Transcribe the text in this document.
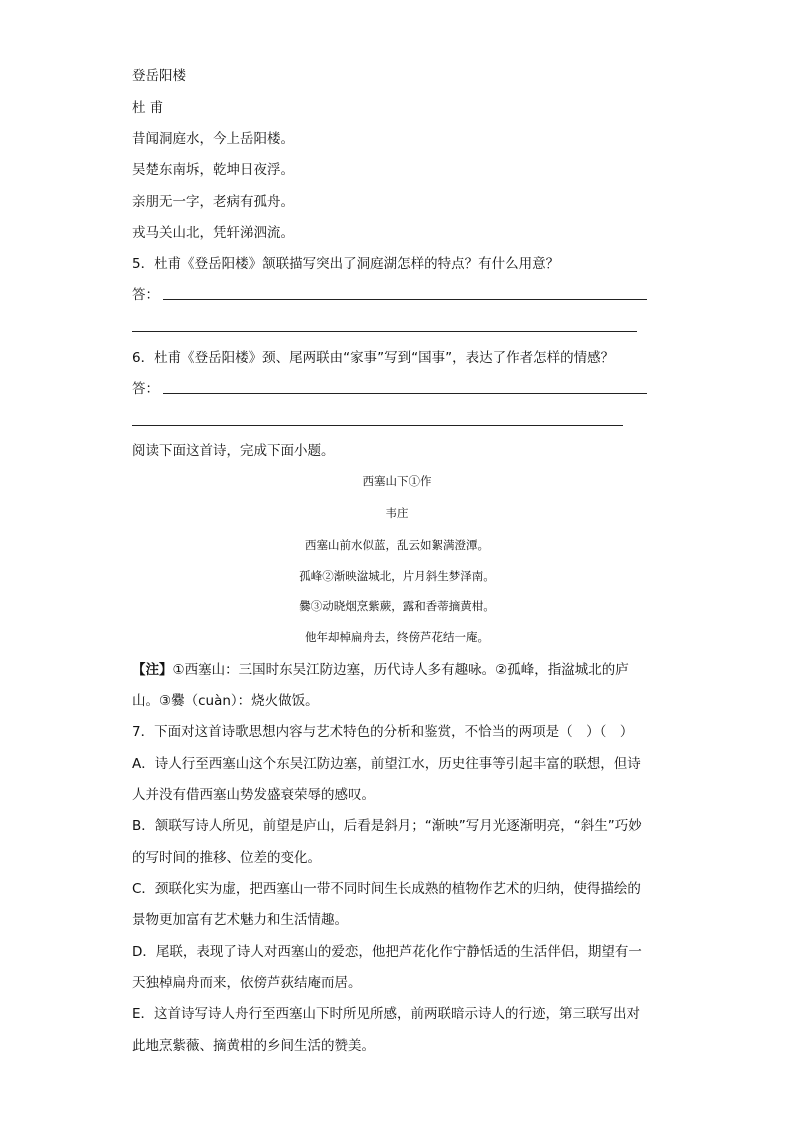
登岳阳楼
杜 甫
昔闻洞庭水，今上岳阳楼。
吴楚东南坼，乾坤日夜浮。
亲朋无一字，老病有孤舟。
戎马关山北，凭轩涕泗流。
5．杜甫《登岳阳楼》颔联描写突出了洞庭湖怎样的特点？有什么用意？
答：
6．杜甫《登岳阳楼》颈、尾两联由“家事”写到“国事”，表达了作者怎样的情感？
答：
阅读下面这首诗，完成下面小题。
西塞山下①作
韦庄
西塞山前水似蓝，乱云如絮满澄潭。
孤峰②渐映湓城北，片月斜生梦泽南。
爨③动晓烟烹紫蕨，露和香蒂摘黄柑。
他年却棹扁舟去，终傍芦花结一庵。
【注】①西塞山：三国时东吴江防边塞，历代诗人多有趣咏。②孤峰，指湓城北的庐
山。③爨（cuàn）：烧火做饭。
7．下面对这首诗歌思想内容与艺术特色的分析和鉴赏，不恰当的两项是（　）（　）
A．诗人行至西塞山这个东吴江防边塞，前望江水，历史往事等引起丰富的联想，但诗
人并没有借西塞山势发盛衰荣辱的感叹。
B．颔联写诗人所见，前望是庐山，后看是斜月；“渐映”写月光逐渐明亮，“斜生”巧妙
的写时间的推移、位差的变化。
C．颈联化实为虚，把西塞山一带不同时间生长成熟的植物作艺术的归纳，使得描绘的
景物更加富有艺术魅力和生活情趣。
D．尾联，表现了诗人对西塞山的爱恋，他把芦花化作宁静恬适的生活伴侣，期望有一
天独棹扁舟而来，依傍芦荻结庵而居。
E．这首诗写诗人舟行至西塞山下时所见所感，前两联暗示诗人的行迹，第三联写出对
此地烹紫薇、摘黄柑的乡间生活的赞美。
